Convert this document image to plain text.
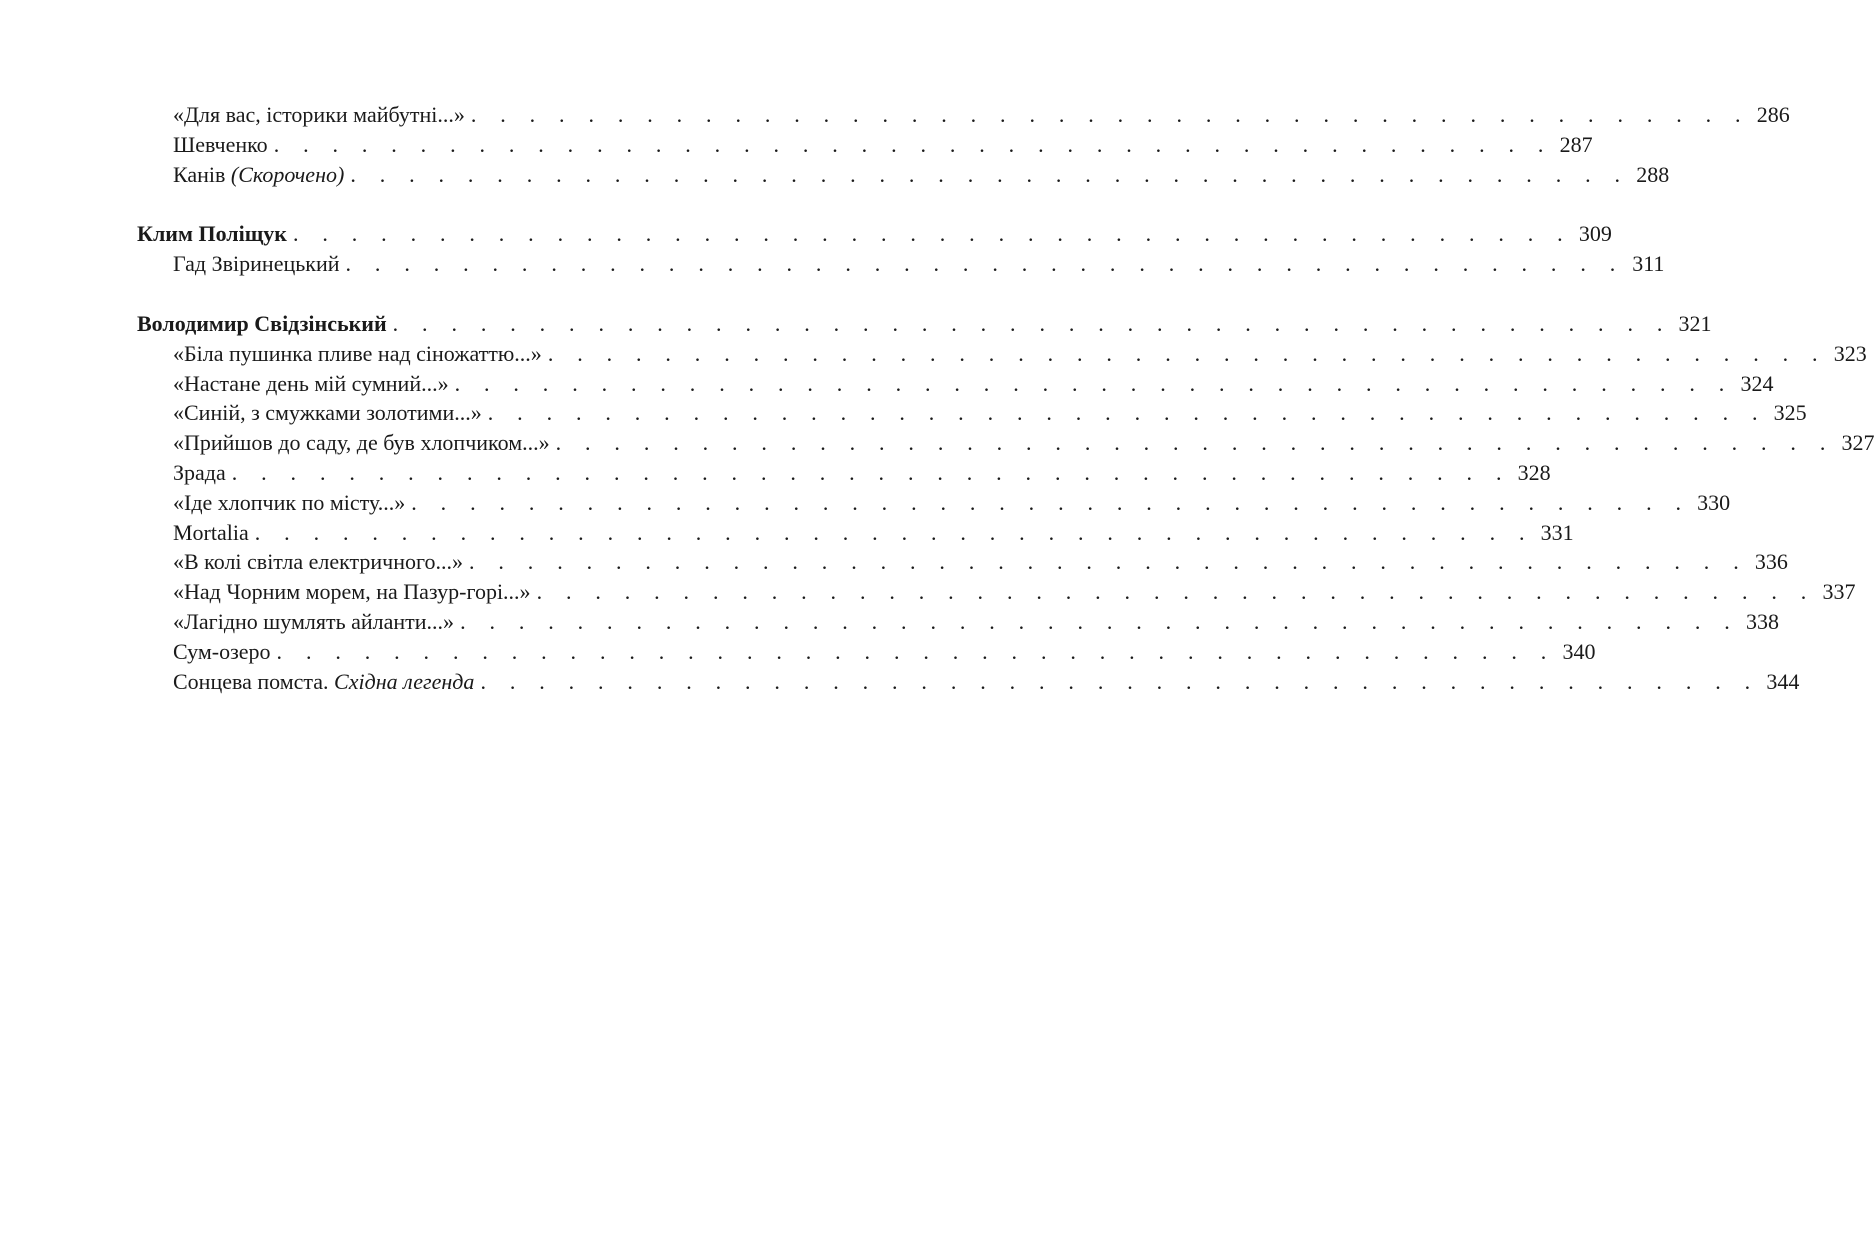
«Для вас, історики майбутні...» . . . . . . . . . . . . . . . . . . . . . . . . . . . . . . . . . . . . . . . . . . . . 286
Шевченко . . . . . . . . . . . . . . . . . . . . . . . . . . . . . . . . . . . . . . . . . . . . 287
Канів (Скорочено) . . . . . . . . . . . . . . . . . . . . . . . . . . . . . . . . . . . . . . . . . . . . 288
Клим Поліщук . . . . . . . . . . . . . . . . . . . . . . . . . . . . . . . . . . . . . . . . . . . . 309
Гад Звіринецький . . . . . . . . . . . . . . . . . . . . . . . . . . . . . . . . . . . . . . . . . . . . 311
Володимир Свідзінський . . . . . . . . . . . . . . . . . . . . . . . . . . . . . . . . . . . . . . . . . . . . 321
«Біла пушинка пливе над сіножаттю...» . . . . . . . . . . . . . . . . . . . . . . . . . . . . . . . . . . . . . . . . . . . . 323
«Настане день мій сумний...» . . . . . . . . . . . . . . . . . . . . . . . . . . . . . . . . . . . . . . . . . . . . 324
«Синій, з смужками золотими...» . . . . . . . . . . . . . . . . . . . . . . . . . . . . . . . . . . . . . . . . . . . . 325
«Прийшов до саду, де був хлопчиком...» . . . . . . . . . . . . . . . . . . . . . . . . . . . . . . . . . . . . . . . . . . . . 327
Зрада . . . . . . . . . . . . . . . . . . . . . . . . . . . . . . . . . . . . . . . . . . . . 328
«Іде хлопчик по місту...» . . . . . . . . . . . . . . . . . . . . . . . . . . . . . . . . . . . . . . . . . . . . 330
Mortalia . . . . . . . . . . . . . . . . . . . . . . . . . . . . . . . . . . . . . . . . . . . . 331
«В колі світла електричного...» . . . . . . . . . . . . . . . . . . . . . . . . . . . . . . . . . . . . . . . . . . . . 336
«Над Чорним морем, на Пазур-горі...» . . . . . . . . . . . . . . . . . . . . . . . . . . . . . . . . . . . . . . . . . . . . 337
«Лагідно шумлять айланти...» . . . . . . . . . . . . . . . . . . . . . . . . . . . . . . . . . . . . . . . . . . . . 338
Сум-озеро . . . . . . . . . . . . . . . . . . . . . . . . . . . . . . . . . . . . . . . . . . . . 340
Сонцева помста. Східна легенда . . . . . . . . . . . . . . . . . . . . . . . . . . . . . . . . . . . . . . . . . . . . 344
